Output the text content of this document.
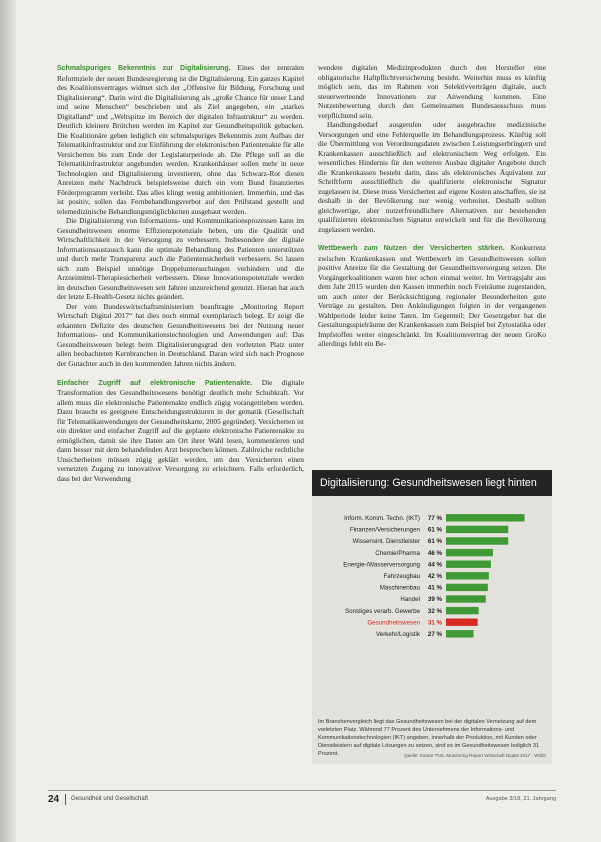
Schmalspuriges Bekenntnis zur Digitalisierung. Eines der zentralen Reformziele der neuen Bundesregierung ist die Digitalisierung. Ein ganzes Kapitel des Koalitionsvertrages widmet sich der „Offensive für Bildung, Forschung und Digitalisierung“. Darin wird die Digitalisierung als „große Chance für unser Land und seine Menschen“ beschrieben und als Ziel angegeben, ein „starkes Digitalland“ und „Weltspitze im Bereich der digitalen Infrastruktur“ zu werden. Deutlich kleinere Brötchen werden im Kapitel zur Gesundheitspolitik gebacken. Die Koalitionäre geben lediglich ein schmalspuriges Bekenntnis zum Aufbau der Telematikinfrastruktur und zur Einführung der elektronischen Patientenakte für alle Versicherten bis zum Ende der Legislaturperiode ab. Die Pflege soll an die Telematikinfrastruktur angebunden werden. Krankenhäuser sollen mehr in neue Technologien und Digitalisierung investieren, ohne das Schwarz-Rot diesen Anreizen mehr Nachdruck beispielsweise durch ein vom Bund finanziertes Förderprogramm verleiht. Das alles klingt wenig ambitioniert. Immerhin, und das ist positiv, sollen das Fernbehandlungsverbot auf den Prüfstand gestellt und telemedizinische Behandlungsmöglichkeiten ausgebaut werden.

Die Digitalisierung von Informations- und Kommunikationsprozessen kann im Gesundheitswesen enorme Effizienzpotenziale heben, um die Qualität und Wirtschaftlichkeit in der Versorgung zu verbessern. Insbesondere der digitale Informationsaustausch kann die optimale Behandlung des Patienten unterstützen und durch mehr Transparenz auch die Patientensicherheit verbessern. So lassen sich zum Beispiel unnötige Doppeluntersuchungen verhindern und die Arzneimittel-Therapiesicherheit verbessern. Diese Innovationspotenziale werden im deutschen Gesundheitswesen seit Jahren unzureichend genutzt. Hieran hat auch der letzte E-Health-Gesetz nichts geändert.

Der vom Bundeswirtschaftsministerium beauftragte „Monitoring Report Wirtschaft Digital 2017“ hat dies noch einmal exemplarisch belegt. Er zeigt die erkannten Defizite des deutschen Gesundheitswesens bei der Nutzung neuer Informations- und Kommunikationstechnologien und Anwendungen auf: Das Gesundheitswesen belegt beim Digitalisierungsgrad den vorletzten Platz unter allen beobachteten Kernbranchen in Deutschland. Daran wird sich nach Prognose der Gutachter auch in den kommenden Jahren nichts ändern.

Einfacher Zugriff auf elektronische Patientenakte. Die digitale Transformation des Gesundheitswesens benötigt deutlich mehr Schubkraft. Vor allem muss die elektronische Patientenakte endlich zügig vorangetrieben werden. Dazu braucht es geeignete Entscheidungsstrukturen in der gematik (Gesellschaft für Telematikanwendungen der Gesundheitskarte, 2005 gegründet). Versicherten ist ein direkter und einfacher Zugriff auf die geplante elektronische Patientenakte zu ermöglichen, damit sie ihre Daten am Ort ihrer Wahl lesen, kommentieren und dann besser mit dem behandelnden Arzt besprechen können. Zahlreiche rechtliche Unsicherheiten müssen zügig geklärt werden, um den Versicherten einen vernetzten Zugang zu innovativer Versorgung zu erleichtern. Falls erforderlich, dass bei der Verwendung

wendete digitalen Medizinprodukten durch den Hersteller eine obligatorische Haftpflichtversicherung besteht. Weiterhin muss es künftig möglich sein, das im Rahmen von Selektivverträgen digitale, auch steuerwerteende Innovationen zur Anwendung kommen. Eine Nutzenbewertung durch den Gemeinsamen Bundesausschuss muss verpflichtend sein.

Handlungsbedarf ausgerufen oder ausgebrachte medizinische Versorgungen und eine Fehlerquelle im Behandlungsprozess. Künftig soll die Übermittlung von Verordnungsdaten zwischen Leistungserbringern und Krankenkassen ausschließlich auf elektronischem Weg erfolgen. Ein wesentliches Hindernis für den weiteren Ausbau digitaler Angebote durch die Krankenkassen besteht darin, dass als elektronisches Äquivalent zur Schriftform ausschließlich die qualifizierte elektronische Signatur zugelassen ist. Diese muss Versicherten auf eigene Kosten anschaffen, sie ist deshalb in der Bevölkerung nur wenig verbreitet. Deshalb sollten gleichwertige, aber nutzerfreundlichere Alternativen zur bestehenden qualifizierten elektronischen Signatur entwickelt und für die Bevölkerung zugelassen werden.

Wettbewerb zum Nutzen der Versicherten stärken. Konkurrenz zwischen Krankenkassen und Wettbewerb im Gesundheitswesen sollen positive Anreize für die Gestaltung der Gesundheitsversorgung setzen. Die Vorgängerkoalitionen waren hier schon einmal weiter. Im Vertragsjahr aus dem Jahr 2015 wurden den Kassen immerhin noch Freiräume zugestanden, um auch unter der Berücksichtigung regionaler Besonderheiten gute Verträge zu gestalten. Den Ankündigungen folgten in der vergangenen Wahlperiode leider keine Taten. Im Gegenteil: Der Gesetzgeber hat die Gestaltungsspielräume der Krankenkassen zum Beispiel bei Zytostatika oder Impfstoffen weiter eingeschränkt. Im Koalitionsvertrag der neuen GroKo allerdings fehlt ein Be-

Digitalisierung: Gesundheitswesen liegt hinten
Inform. Komm. Techn. (IKT) 77 %
Finanzen/Versicherungen 61 %
Wissensint. Dienstleister 61 %
Chemie/Pharma 46 %
Energie-/Wasserversorgung 44 %
Fahrzeugbau 42 %
Maschinenbau 41 %
Handel 39 %
Sonstiges verarb. Gewerbe 32 %
Gesundheitswesen 31 %
Verkehr/Logistik 27 %

Im Branchenvergleich liegt das Gesundheitswesen bei der digitalen Vernetzung auf dem vorletzten Platz. Während 77 Prozent des Unternehmens der Informations- und Kommunikationstechnologien (IKT) angeben, innerhalb der Produktion, mit Kunden oder Dienstleistern auf digitale Lösungen zu setzen, sind es im Gesundheitswesen lediglich 31 Prozent.	Quelle: Kantar TNS, Monitoring Report Wirtschaft Digital 2017 · WIdO
24 Gesundheit und Gesellschaft	Ausgabe 3/18, 21. Jahrgang
